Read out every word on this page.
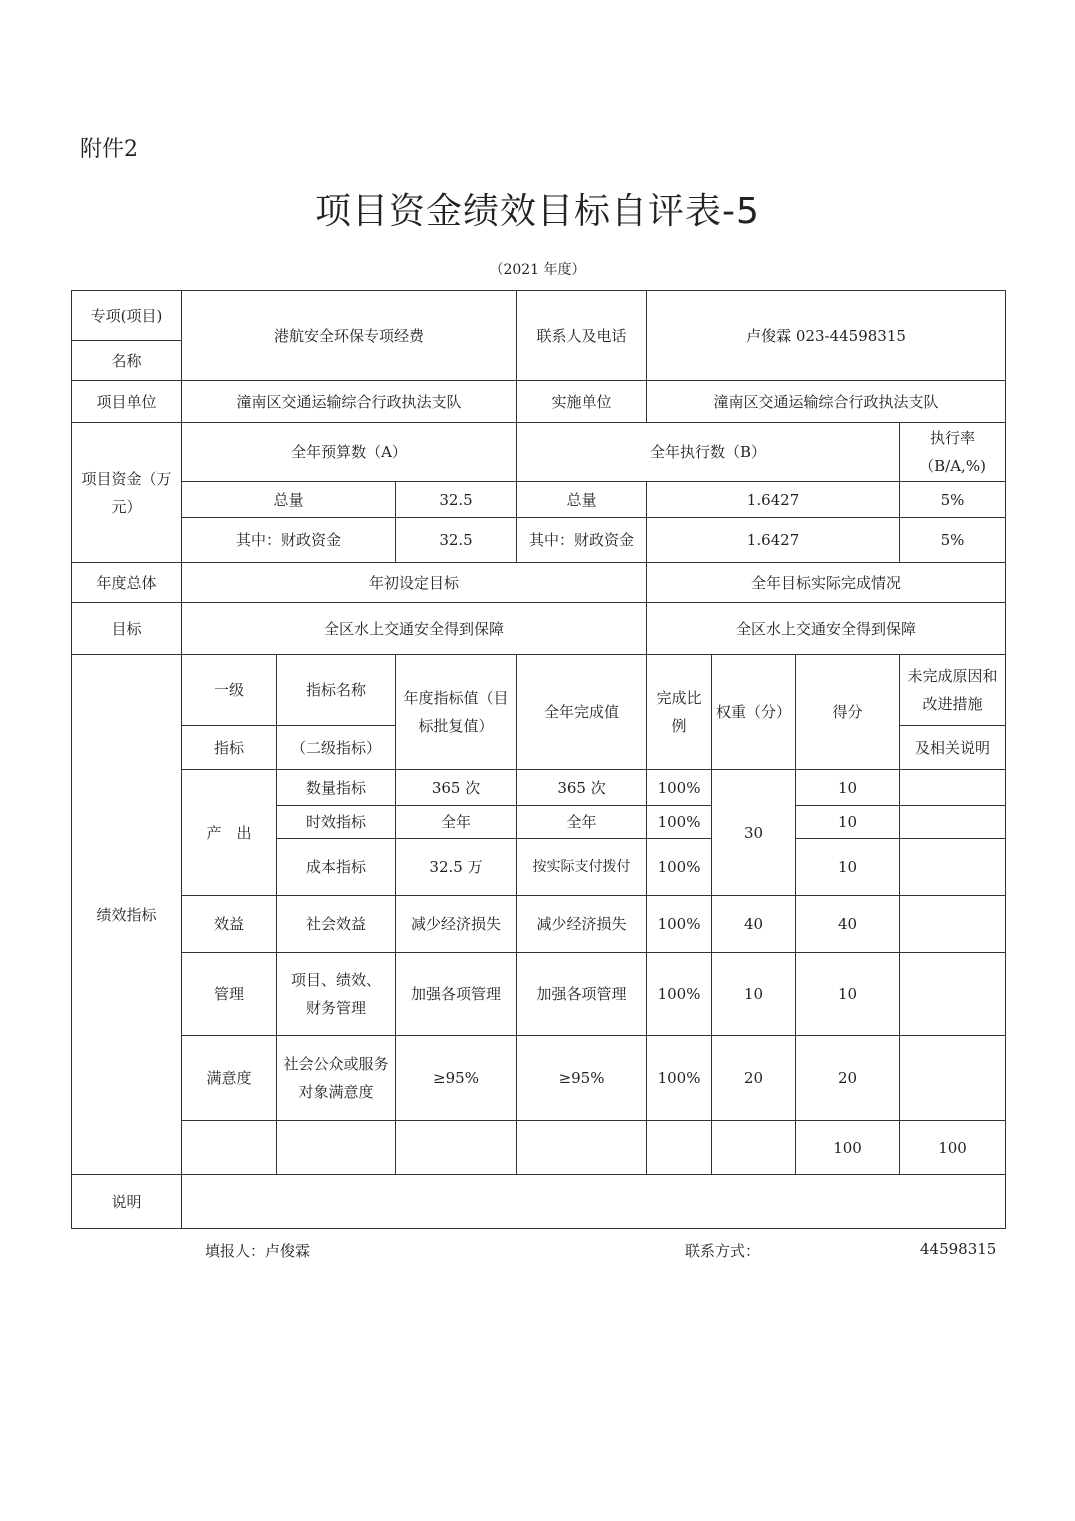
附件2
项目资金绩效目标自评表-5
（2021 年度）
专项(项目)	港航安全环保专项经费			联系人及电话	卢俊霖 023-44598315				
名称									
项目单位	潼南区交通运输综合行政执法支队			实施单位	潼南区交通运输综合行政执法支队				
项目资金（万元）	全年预算数（A）			全年执行数（B）				执行率（B/A,%)	
	总量		32.5	总量	1.6427			5%	
	其中：财政资金		32.5	其中：财政资金	1.6427			5%	
年度总体	年初设定目标				全年目标实际完成情况				
目标	全区水上交通安全得到保障				全区水上交通安全得到保障				
绩效指标	一级	指标名称	年度指标值（目标批复值）	全年完成值	完成比例	权重（分）	得分	未完成原因和改进措施	
	指标	（二级指标）						及相关说明	
	产　出	数量指标	365 次	365 次	100%	30	10		
		时效指标	全年	全年	100%		10		
		成本指标	32.5 万	按实际支付拨付	100%		10		
	效益	社会效益	减少经济损失	减少经济损失	100%	40	40		
	管理	项目、绩效、财务管理	加强各项管理	加强各项管理	100%	10	10		
	满意度	社会公众或服务对象满意度	≥95%	≥95%	100%	20	20		
							100	100	
说明									
填报人：卢俊霖	联系方式：	44598315
